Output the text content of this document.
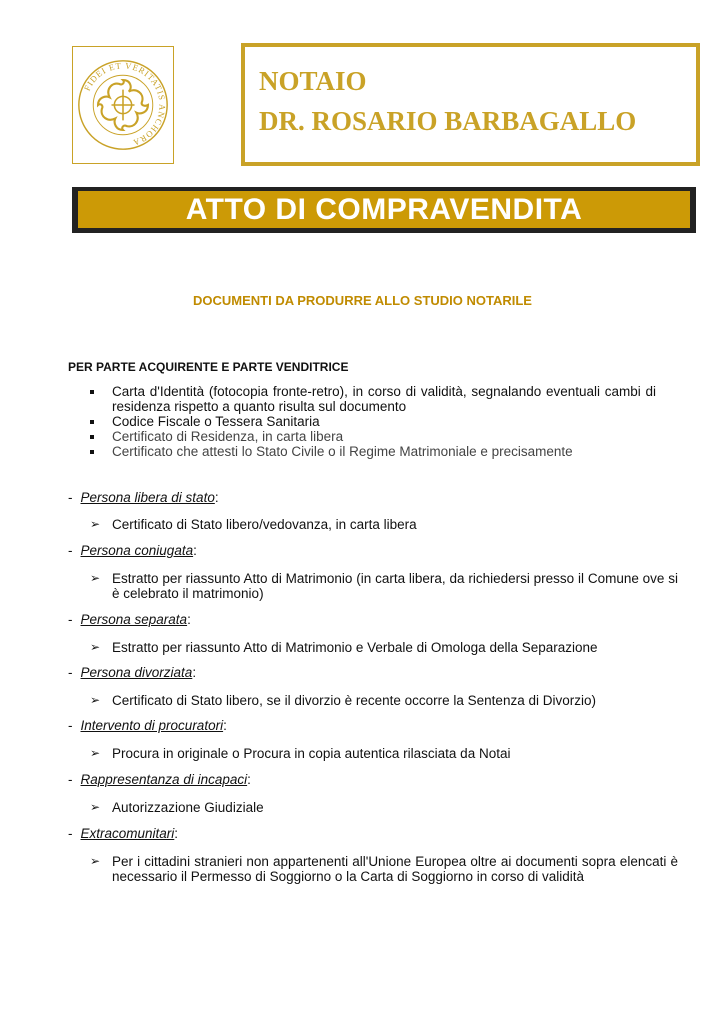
FIDEI ET VERITATIS ANCHORA
NOTAIO
DR. ROSARIO BARBAGALLO
ATTO DI COMPRAVENDITA
DOCUMENTI DA PRODURRE ALLO STUDIO NOTARILE
PER PARTE ACQUIRENTE E PARTE VENDITRICE
Carta d'Identità (fotocopia fronte-retro), in corso di validità, segnalando eventuali cambi di residenza rispetto a quanto risulta sul documento
Codice Fiscale o Tessera Sanitaria
Certificato di Residenza, in carta libera
Certificato che attesti lo Stato Civile o il Regime Matrimoniale e precisamente
- Persona libera di stato:
➢ Certificato di Stato libero/vedovanza, in carta libera
- Persona coniugata:
➢ Estratto per riassunto Atto di Matrimonio (in carta libera, da richiedersi presso il Comune ove si è celebrato il matrimonio)
- Persona separata:
➢ Estratto per riassunto Atto di Matrimonio e Verbale di Omologa della Separazione
- Persona divorziata:
➢ Certificato di Stato libero, se il divorzio è recente occorre la Sentenza di Divorzio)
- Intervento di procuratori:
➢ Procura in originale o Procura in copia autentica rilasciata da Notai
- Rappresentanza di incapaci:
➢ Autorizzazione Giudiziale
- Extracomunitari:
➢ Per i cittadini stranieri non appartenenti all'Unione Europea oltre ai documenti sopra elencati è necessario il Permesso di Soggiorno o la Carta di Soggiorno in corso di validità
